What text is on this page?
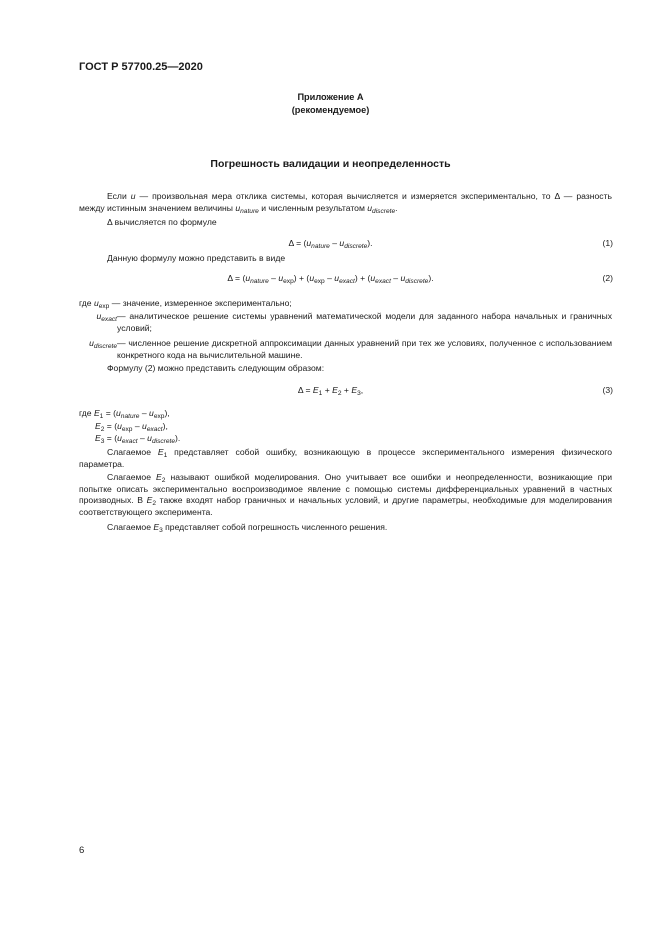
ГОСТ Р 57700.25—2020
Приложение А
(рекомендуемое)
Погрешность валидации и неопределенность
Если u — произвольная мера отклика системы, которая вычисляется и измеряется экспериментально, то Δ — разность между истинным значением величины $u_{nature}$ и численным результатом $u_{discrete}$.
Δ вычисляется по формуле
$\Delta = (u_{nature} - u_{discrete})$.	(1)
Данную формулу можно представить в виде
$\Delta = (u_{nature} - u_{exp}) + (u_{exp} - u_{exact}) + (u_{exact} - u_{discrete})$.	(2)
где $u_{exp}$ — значение, измеренное экспериментально;
$u_{exact}$ — аналитическое решение системы уравнений математической модели для заданного набора начальных и граничных условий;
$u_{discrete}$ — численное решение дискретной аппроксимации данных уравнений при тех же условиях, полученное с использованием конкретного кода на вычислительной машине.
Формулу (2) можно представить следующим образом:
$\Delta = E_1 + E_2 + E_3$,	(3)
где $E_1 = (u_{nature} - u_{exp})$,
$E_2 = (u_{exp} - u_{exact})$,
$E_3 = (u_{exact} - u_{discrete})$.
Слагаемое $E_1$ представляет собой ошибку, возникающую в процессе экспериментального измерения физического параметра.
Слагаемое $E_2$ называют ошибкой моделирования. Оно учитывает все ошибки и неопределенности, возникающие при попытке описать экспериментально воспроизводимое явление с помощью системы дифференциальных уравнений в частных производных. В $E_2$ также входят набор граничных и начальных условий, и другие параметры, необходимые для моделирования соответствующего эксперимента.
Слагаемое $E_3$ представляет собой погрешность численного решения.
6
